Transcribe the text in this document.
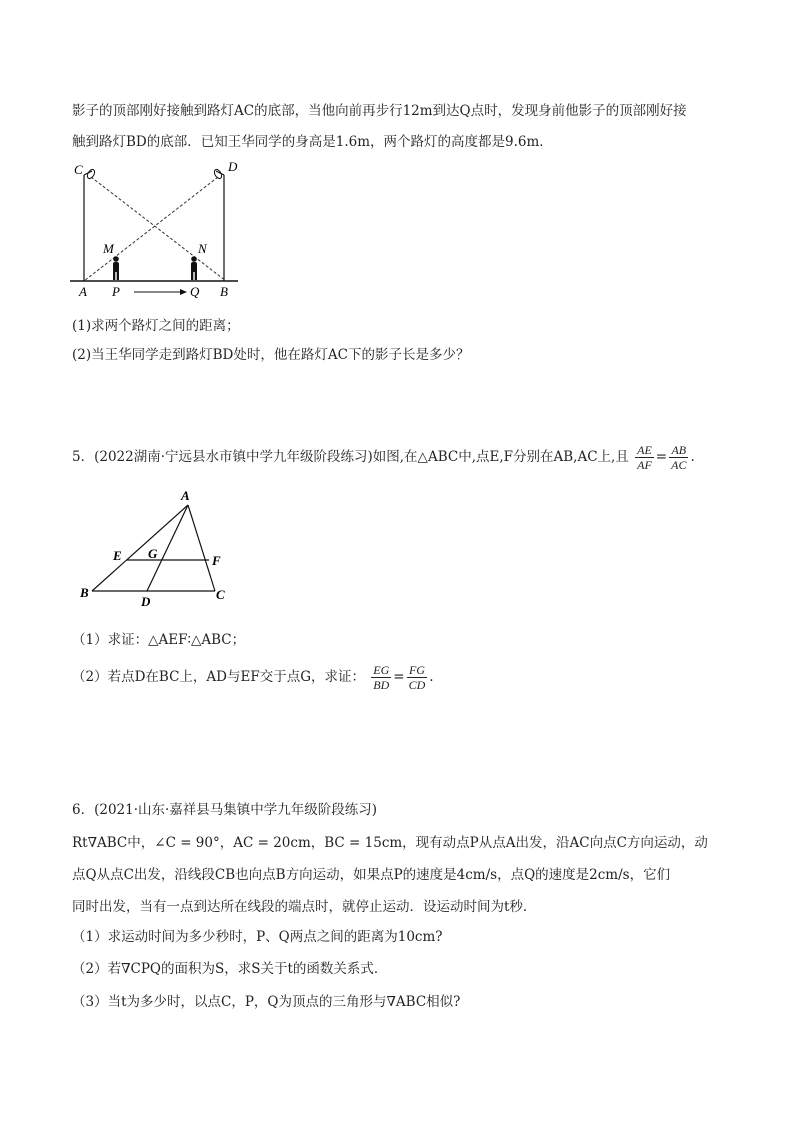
影子的顶部刚好接触到路灯AC的底部，当他向前再步行12m到达Q点时，发现身前他影子的顶部刚好接
触到路灯BD的底部．已知王华同学的身高是1.6m，两个路灯的高度都是9.6m．
C	D
M	N
A P	Q B
(1)求两个路灯之间的距离；
(2)当王华同学走到路灯BD处时，他在路灯AC下的影子长是多少？
5．(2022湖南·宁远县水市镇中学九年级阶段练习)如图,在△ABC中,点E,F分别在AB,AC上,且 $\frac{AE}{AF} = \frac{AB}{AC}$ .
A
E G	F
B
D	C
（1）求证：△AEF∶△ABC；
（2）若点D在BC上，AD与EF交于点G，求证： $\frac{EG}{BD} = \frac{FG}{CD}$ .
6．(2021·山东·嘉祥县马集镇中学九年级阶段练习)
Rt∇ABC中，∠C = 90°，AC = 20cm，BC = 15cm，现有动点P从点A出发，沿AC向点C方向运动，动
点Q从点C出发，沿线段CB也向点B方向运动，如果点P的速度是4cm/s，点Q的速度是2cm/s，它们
同时出发，当有一点到达所在线段的端点时，就停止运动．设运动时间为t秒．
（1）求运动时间为多少秒时，P、Q两点之间的距离为10cm?
（2）若∇CPQ的面积为S，求S关于t的函数关系式．
（3）当t为多少时，以点C，P，Q为顶点的三角形与∇ABC相似?
